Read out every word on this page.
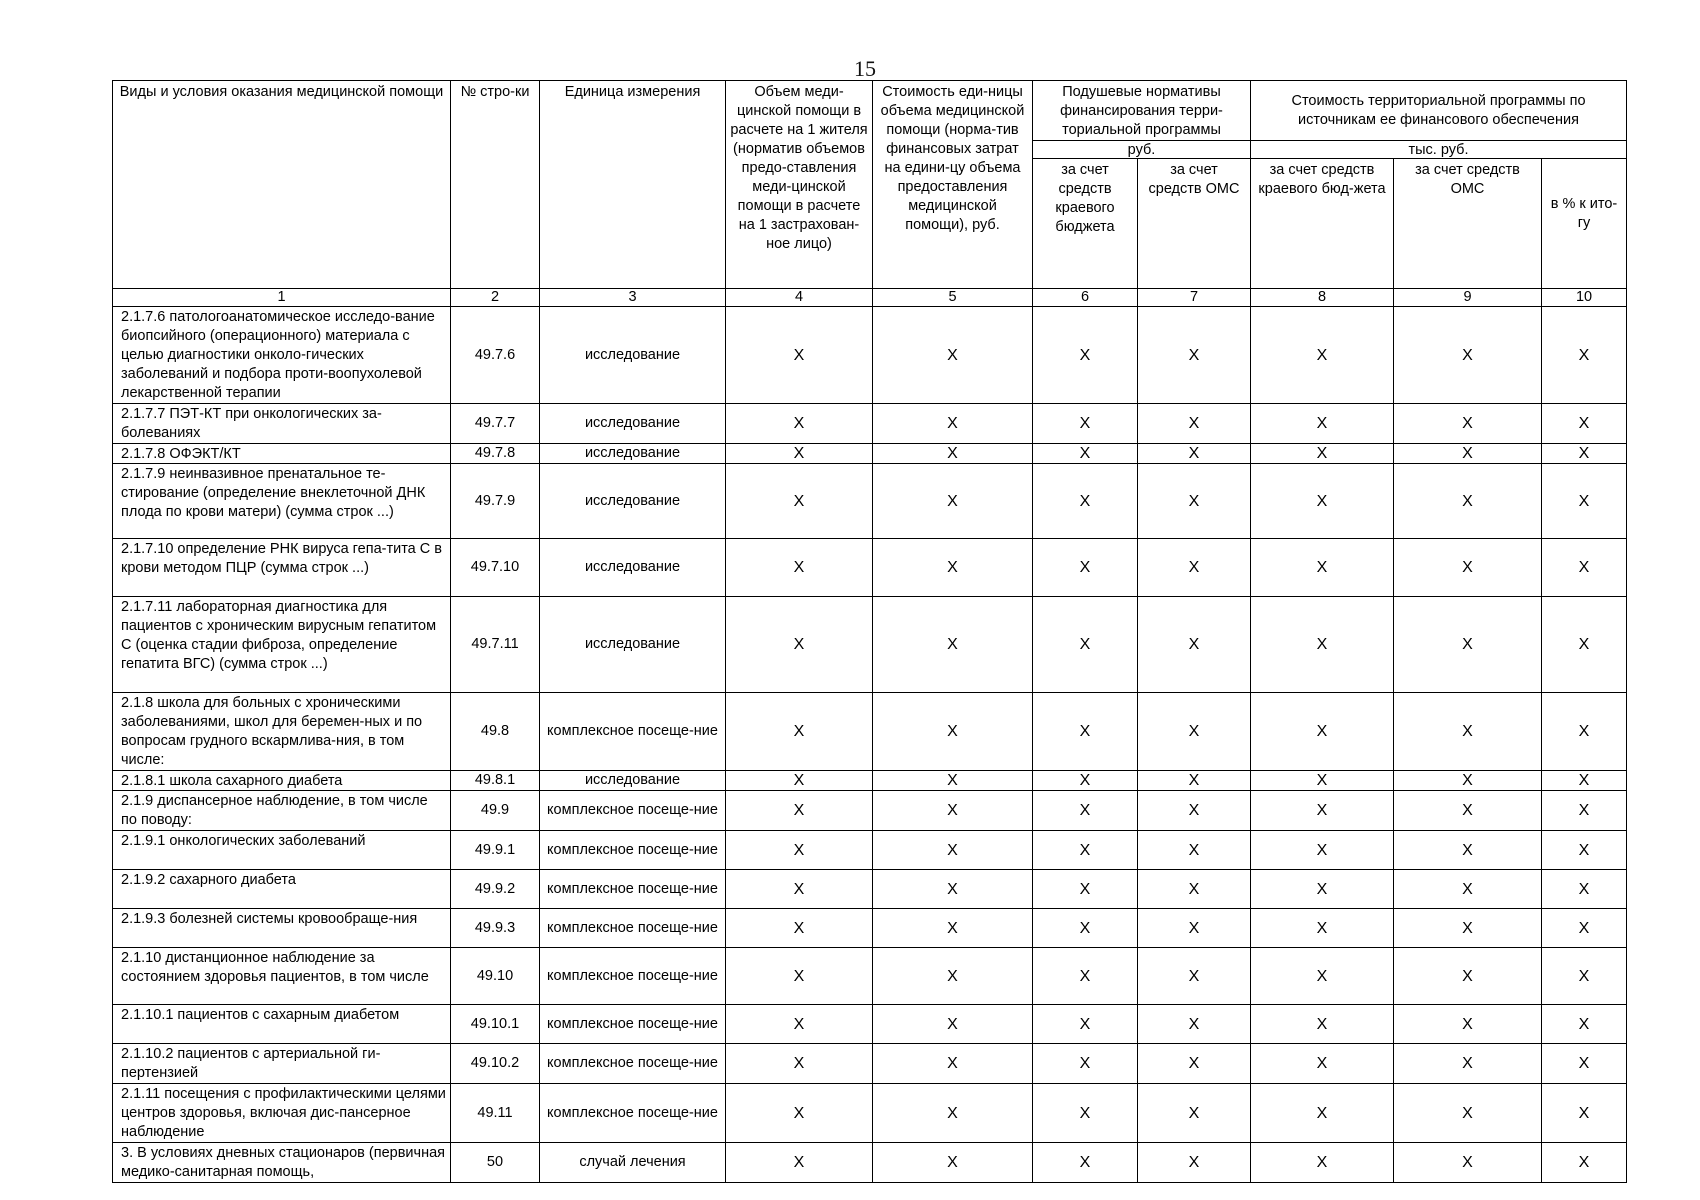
15
Виды и условия оказания медицинской помощи	№ стро-ки	Единица измерения	Объем меди-цинской помощи в расчете на 1 жителя (норматив объемов предо-ставления меди-цинской помощи в расчете на 1 застрахован-ное лицо)	Стоимость еди-ницы объема медицинской помощи (норма-тив финансовых затрат на едини-цу объема предоставления медицинской помощи), руб.	Подушевые нормативы финансирования терри-ториальной программы		Стоимость территориальной программы по источникам ее финансового обеспечения		
					руб.		тыс. руб.		
					за счет средств краевого бюджета	за счет средств ОМС	за счет средств краевого бюд-жета	за счет средств ОМС	в % к ито-гу
1	2	3	4	5	6	7	8	9	10

2.1.7.6 патологоанатомическое исследо-вание биопсийного (операционного) материала с целью диагностики онколо-гических заболеваний и подбора проти-воопухолевой лекарственной терапии	49.7.6	исследование	X	X	X	X	X	X	X

2.1.7.7 ПЭТ-КТ при онкологических за-болеваниях	49.7.7	исследование	X	X	X	X	X	X	X

2.1.7.8 ОФЭКТ/КТ	49.7.8	исследование	X	X	X	X	X	X	X

2.1.7.9 неинвазивное пренатальное те-стирование (определение внеклеточной ДНК плода по крови матери) (сумма строк ...)	49.7.9	исследование	X	X	X	X	X	X	X

2.1.7.10 определение РНК вируса гепа-тита С в крови методом ПЦР (сумма строк ...)	49.7.10	исследование	X	X	X	X	X	X	X

2.1.7.11 лабораторная диагностика для пациентов с хроническим вирусным гепатитом С (оценка стадии фиброза, определение гепатита ВГС) (сумма строк ...)	49.7.11	исследование	X	X	X	X	X	X	X

2.1.8 школа для больных с хроническими заболеваниями, школ для беремен-ных и по вопросам грудного вскармлива-ния, в том числе:	49.8	комплексное посеще-ние	X	X	X	X	X	X	X

2.1.8.1 школа сахарного диабета	49.8.1	исследование	X	X	X	X	X	X	X

2.1.9 диспансерное наблюдение, в том числе по поводу:	49.9	комплексное посеще-ние	X	X	X	X	X	X	X

2.1.9.1 онкологических заболеваний	49.9.1	комплексное посеще-ние	X	X	X	X	X	X	X

2.1.9.2 сахарного диабета	49.9.2	комплексное посеще-ние	X	X	X	X	X	X	X

2.1.9.3 болезней системы кровообраще-ния	49.9.3	комплексное посеще-ние	X	X	X	X	X	X	X

2.1.10 дистанционное наблюдение за состоянием здоровья пациентов, в том числе	49.10	комплексное посеще-ние	X	X	X	X	X	X	X

2.1.10.1 пациентов с сахарным диабетом	49.10.1	комплексное посеще-ние	X	X	X	X	X	X	X

2.1.10.2 пациентов с артериальной ги-пертензией	49.10.2	комплексное посеще-ние	X	X	X	X	X	X	X

2.1.11 посещения с профилактическими целями центров здоровья, включая дис-пансерное наблюдение	49.11	комплексное посеще-ние	X	X	X	X	X	X	X

3. В условиях дневных стационаров (первичная медико-санитарная помощь,	50	случай лечения	X	X	X	X	X	X	X
